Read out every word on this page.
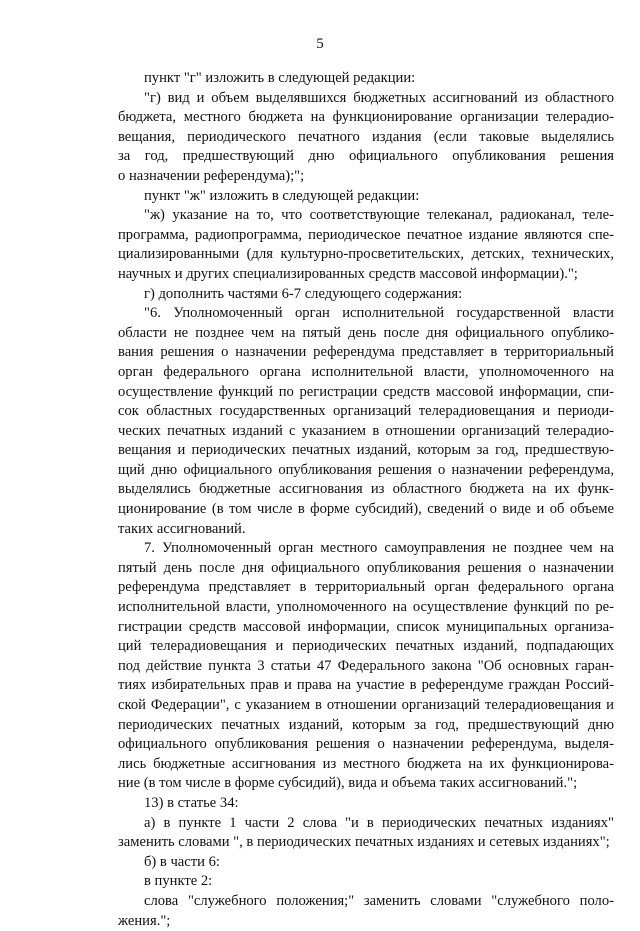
5

пункт "г" изложить в следующей редакции:

"г) вид и объем выделявшихся бюджетных ассигнований из областного
бюджета, местного бюджета на функционирование организации телерадио-
вещания, периодического печатного издания (если таковые выделялись
за год, предшествующий дню официального опубликования решения
о назначении референдума);";

пункт "ж" изложить в следующей редакции:

"ж) указание на то, что соответствующие телеканал, радиоканал, теле-
программа, радиопрограмма, периодическое печатное издание являются спе-
циализированными (для культурно-просветительских, детских, технических,
научных и других специализированных средств массовой информации).";

г) дополнить частями 6-7 следующего содержания:

"6. Уполномоченный орган исполнительной государственной власти
области не позднее чем на пятый день после дня официального опублико-
вания решения о назначении референдума представляет в территориальный
орган федерального органа исполнительной власти, уполномоченного на
осуществление функций по регистрации средств массовой информации, спи-
сок областных государственных организаций телерадиовещания и периоди-
ческих печатных изданий с указанием в отношении организаций телерадио-
вещания и периодических печатных изданий, которым за год, предшествую-
щий дню официального опубликования решения о назначении референдума,
выделялись бюджетные ассигнования из областного бюджета на их функ-
ционирование (в том числе в форме субсидий), сведений о виде и об объеме
таких ассигнований.

7. Уполномоченный орган местного самоуправления не позднее чем на
пятый день после дня официального опубликования решения о назначении
референдума представляет в территориальный орган федерального органа
исполнительной власти, уполномоченного на осуществление функций по ре-
гистрации средств массовой информации, список муниципальных организа-
ций телерадиовещания и периодических печатных изданий, подпадающих
под действие пункта 3 статьи 47 Федерального закона "Об основных гаран-
тиях избирательных прав и права на участие в референдуме граждан Россий-
ской Федерации", с указанием в отношении организаций телерадиовещания и
периодических печатных изданий, которым за год, предшествующий дню
официального опубликования решения о назначении референдума, выделя-
лись бюджетные ассигнования из местного бюджета на их функционирова-
ние (в том числе в форме субсидий), вида и объема таких ассигнований.";

13) в статье 34:

а) в пункте 1 части 2 слова "и в периодических печатных изданиях"
заменить словами ", в периодических печатных изданиях и сетевых изданиях";

б) в части 6:

в пункте 2:

слова "служебного положения;" заменить словами "служебного поло-
жения.";
